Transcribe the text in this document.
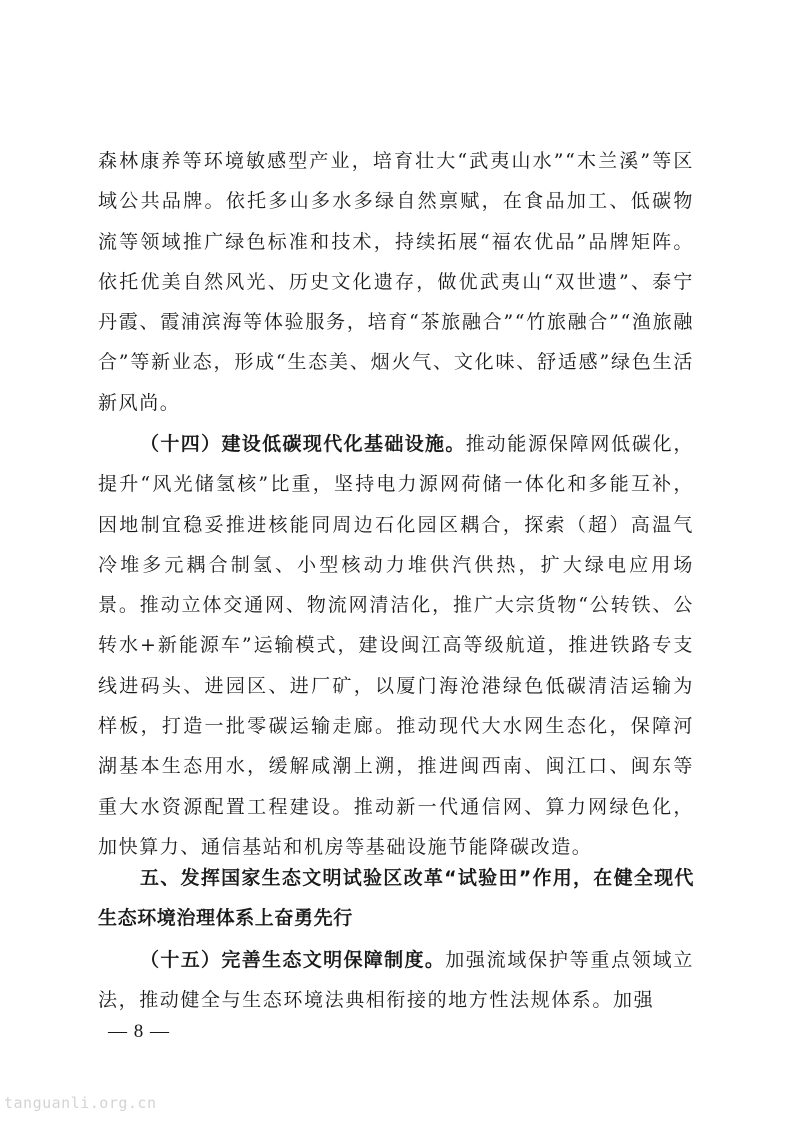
森林康养等环境敏感型产业，培育壮大“武夷山水”“木兰溪”等区域公共品牌。依托多山多水多绿自然禀赋，在食品加工、低碳物流等领域推广绿色标准和技术，持续拓展“福农优品”品牌矩阵。依托优美自然风光、历史文化遗存，做优武夷山“双世遗”、泰宁丹霞、霞浦滨海等体验服务，培育“茶旅融合”“竹旅融合”“渔旅融合”等新业态，形成“生态美、烟火气、文化味、舒适感”绿色生活新风尚。

（十四）建设低碳现代化基础设施。推动能源保障网低碳化，提升“风光储氢核”比重，坚持电力源网荷储一体化和多能互补，因地制宜稳妥推进核能同周边石化园区耦合，探索（超）高温气冷堆多元耦合制氢、小型核动力堆供汽供热，扩大绿电应用场景。推动立体交通网、物流网清洁化，推广大宗货物“公转铁、公转水+新能源车”运输模式，建设闽江高等级航道，推进铁路专支线进码头、进园区、进厂矿，以厦门海沧港绿色低碳清洁运输为样板，打造一批零碳运输走廊。推动现代大水网生态化，保障河湖基本生态用水，缓解咸潮上溯，推进闽西南、闽江口、闽东等重大水资源配置工程建设。推动新一代通信网、算力网绿色化，加快算力、通信基站和机房等基础设施节能降碳改造。

五、发挥国家生态文明试验区改革“试验田”作用，在健全现代生态环境治理体系上奋勇先行

（十五）完善生态文明保障制度。加强流域保护等重点领域立法，推动健全与生态环境法典相衔接的地方性法规体系。加强

— 8 —
tanguanli.org.cn
